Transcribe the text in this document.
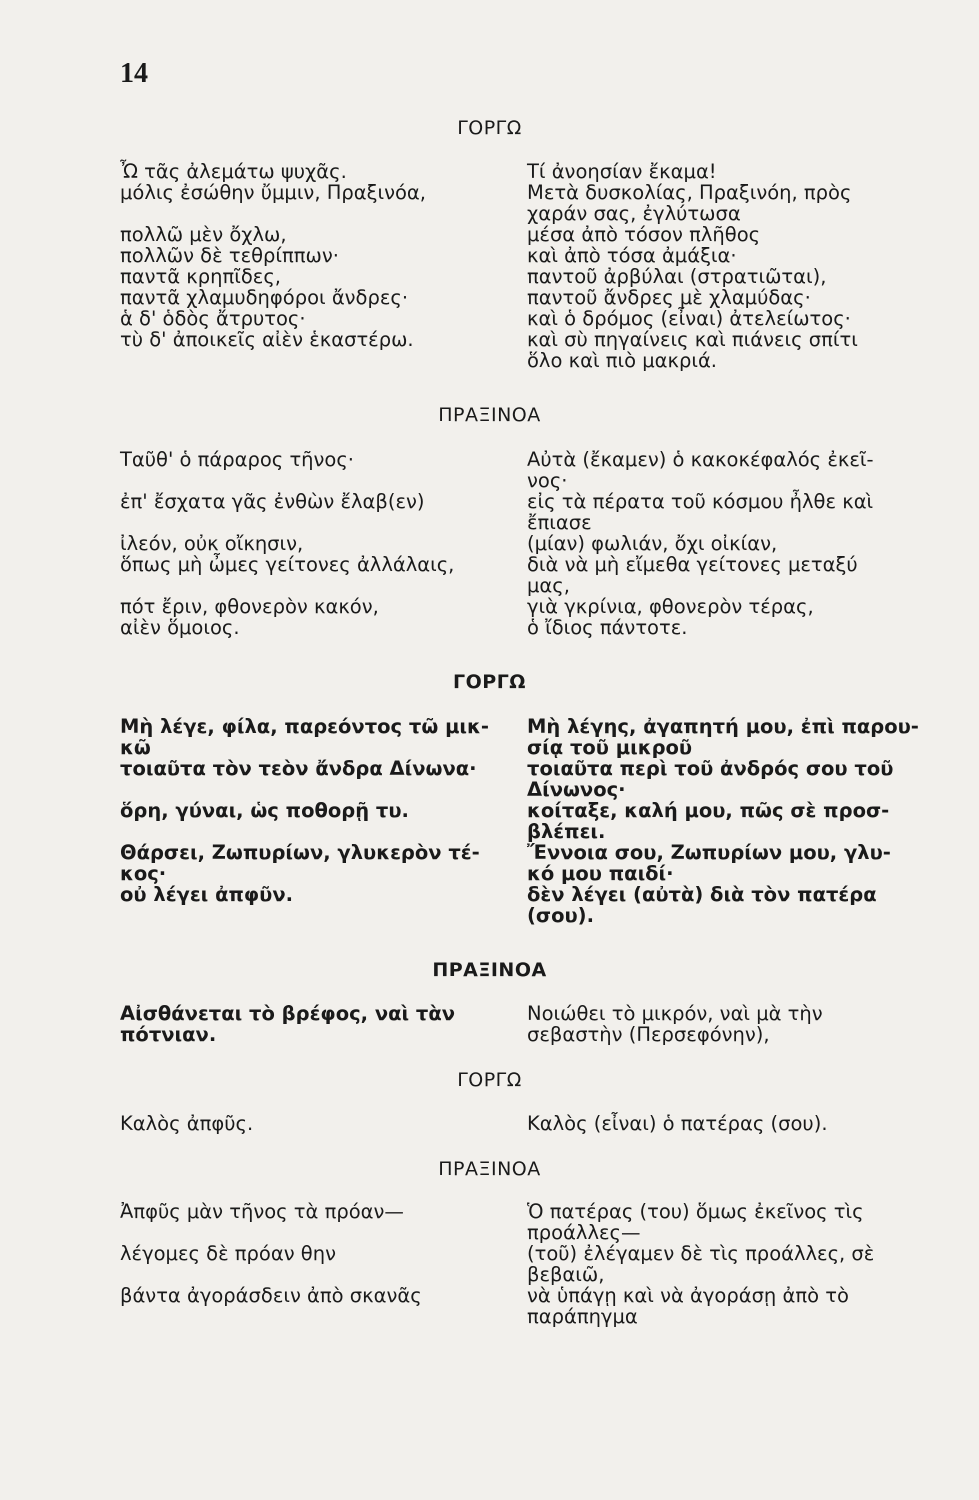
14
ΓΟΡΓΩ
Ὦ τᾶς ἀλεμάτω ψυχᾶς.
μόλις ἐσώθην ὔμμιν, Πραξινόα,

πολλῶ μὲν ὄχλω,
πολλῶν δὲ τεθρίππων·
παντᾶ κρηπῖδες,
παντᾶ χλαμυδηφόροι ἄνδρες·
ἁ δ' ὁδὸς ἄτρυτος·
τὺ δ' ἀποικεῖς αἰὲν ἑκαστέρω.
Τί ἀνοησίαν ἔκαμα!
Μετὰ δυσκολίας, Πραξινόη, πρὸς
χαράν σας, ἐγλύτωσα
μέσα ἀπὸ τόσον πλῆθος
καὶ ἀπὸ τόσα ἀμάξια·
παντοῦ ἀρβύλαι (στρατιῶται),
παντοῦ ἄνδρες μὲ χλαμύδας·
καὶ ὁ δρόμος (εἶναι) ἀτελείωτος·
καὶ σὺ πηγαίνεις καὶ πιάνεις σπίτι
ὅλο καὶ πιὸ μακριά.
ΠΡΑΞΙΝΟΑ
Ταῦθ' ὁ πάραρος τῆνος·

ἐπ' ἔσχατα γᾶς ἐνθὼν ἔλαβ(εν)

ἰλεόν, οὐκ οἴκησιν,
ὅπως μὴ ὦμες γείτονες ἀλλάλαις,

πότ ἔριν, φθονερὸν κακόν,
αἰὲν ὅμοιος.
Αὐτὰ (ἔκαμεν) ὁ κακοκέφαλός ἐκεῖ-
νος·
εἰς τὰ πέρατα τοῦ κόσμου ἦλθε καὶ
ἔπιασε
(μίαν) φωλιάν, ὄχι οἰκίαν,
διὰ νὰ μὴ εἴμεθα γείτονες μεταξύ
μας,
γιὰ γκρίνια, φθονερὸν τέρας,
ὁ ἴδιος πάντοτε.
ΓΟΡΓΩ
Μὴ λέγε, φίλα, παρεόντος τῶ μικ-
κῶ
τοιαῦτα τὸν τεὸν ἄνδρα Δίνωνα·

ὅρη, γύναι, ὡς ποθορῇ τυ.

Θάρσει, Ζωπυρίων, γλυκερὸν τέ-
κος·
οὐ λέγει ἀπφῦν.
Μὴ λέγης, ἀγαπητή μου, ἐπὶ παρου-
σίᾳ τοῦ μικροῦ
τοιαῦτα περὶ τοῦ ἀνδρός σου τοῦ
Δίνωνος·
κοίταξε, καλή μου, πῶς σὲ προσ-
βλέπει.
Ἔννοια σου, Ζωπυρίων μου, γλυ-
κό μου παιδί·
δὲν λέγει (αὐτὰ) διὰ τὸν πατέρα
(σου).
ΠΡΑΞΙΝΟΑ
Αἰσθάνεται τὸ βρέφος, ναὶ τὰν
πότνιαν.
Νοιώθει τὸ μικρόν, ναὶ μὰ τὴν
σεβαστὴν (Περσεφόνην),
ΓΟΡΓΩ
Καλὸς ἀπφῦς.	Καλὸς (εἶναι) ὁ πατέρας (σου).
ΠΡΑΞΙΝΟΑ
Ἀπφῦς μὰν τῆνος τὰ πρόαν—

λέγομες δὲ πρόαν θην

βάντα ἀγοράσδειν ἀπὸ σκανᾶς
Ὁ πατέρας (του) ὅμως ἐκεῖνος τὶς
προάλλες—
(τοῦ) ἐλέγαμεν δὲ τὶς προάλλες, σὲ
βεβαιῶ,
νὰ ὑπάγῃ καὶ νὰ ἀγοράσῃ ἀπὸ τὸ
παράπηγμα
